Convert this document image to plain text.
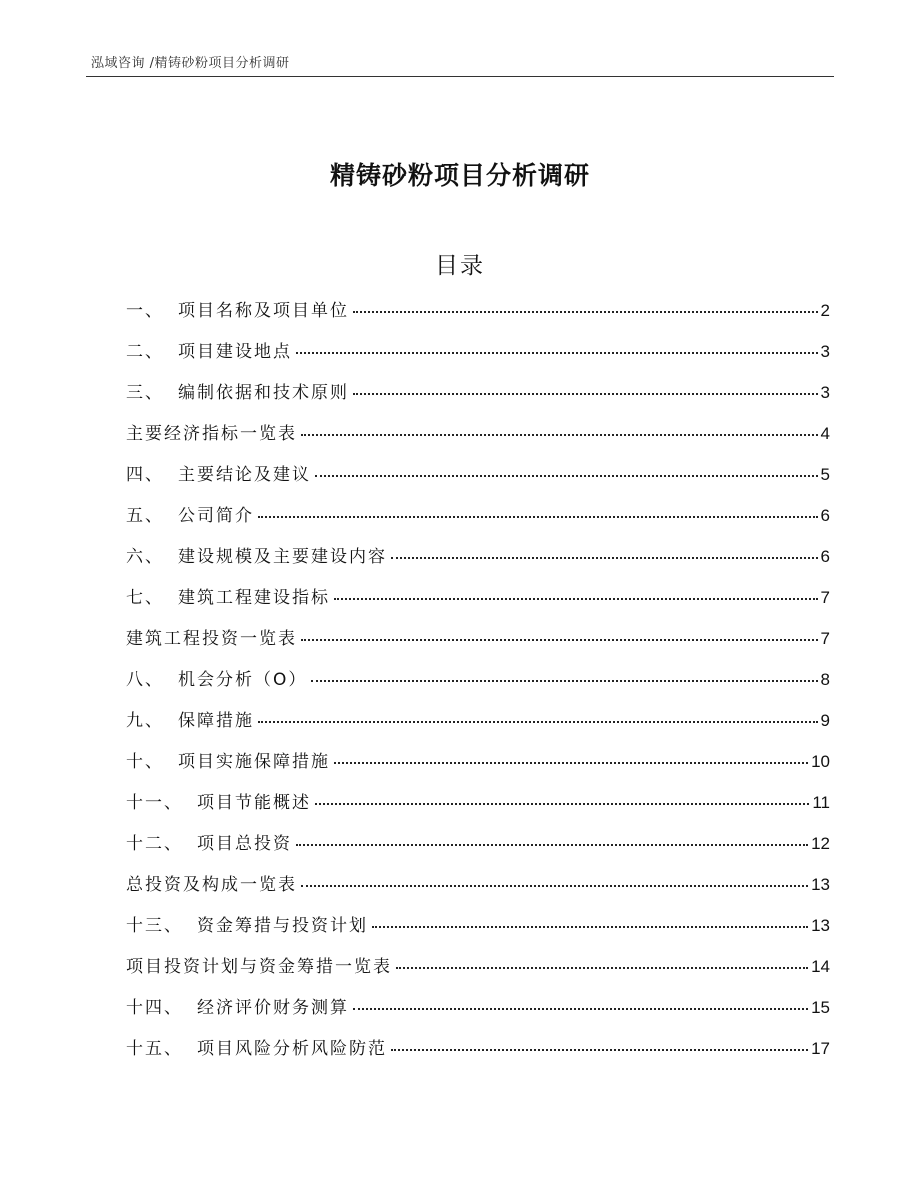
泓域咨询 /精铸砂粉项目分析调研
精铸砂粉项目分析调研
目录
一、 项目名称及项目单位	2
二、 项目建设地点	3
三、 编制依据和技术原则	3
主要经济指标一览表	4
四、 主要结论及建议	5
五、 公司简介	6
六、 建设规模及主要建设内容	6
七、 建筑工程建设指标	7
建筑工程投资一览表	7
八、 机会分析（O）	8
九、 保障措施	9
十、 项目实施保障措施	10
十一、 项目节能概述	11
十二、 项目总投资	12
总投资及构成一览表	13
十三、 资金筹措与投资计划	13
项目投资计划与资金筹措一览表	14
十四、 经济评价财务测算	15
十五、 项目风险分析风险防范	17
